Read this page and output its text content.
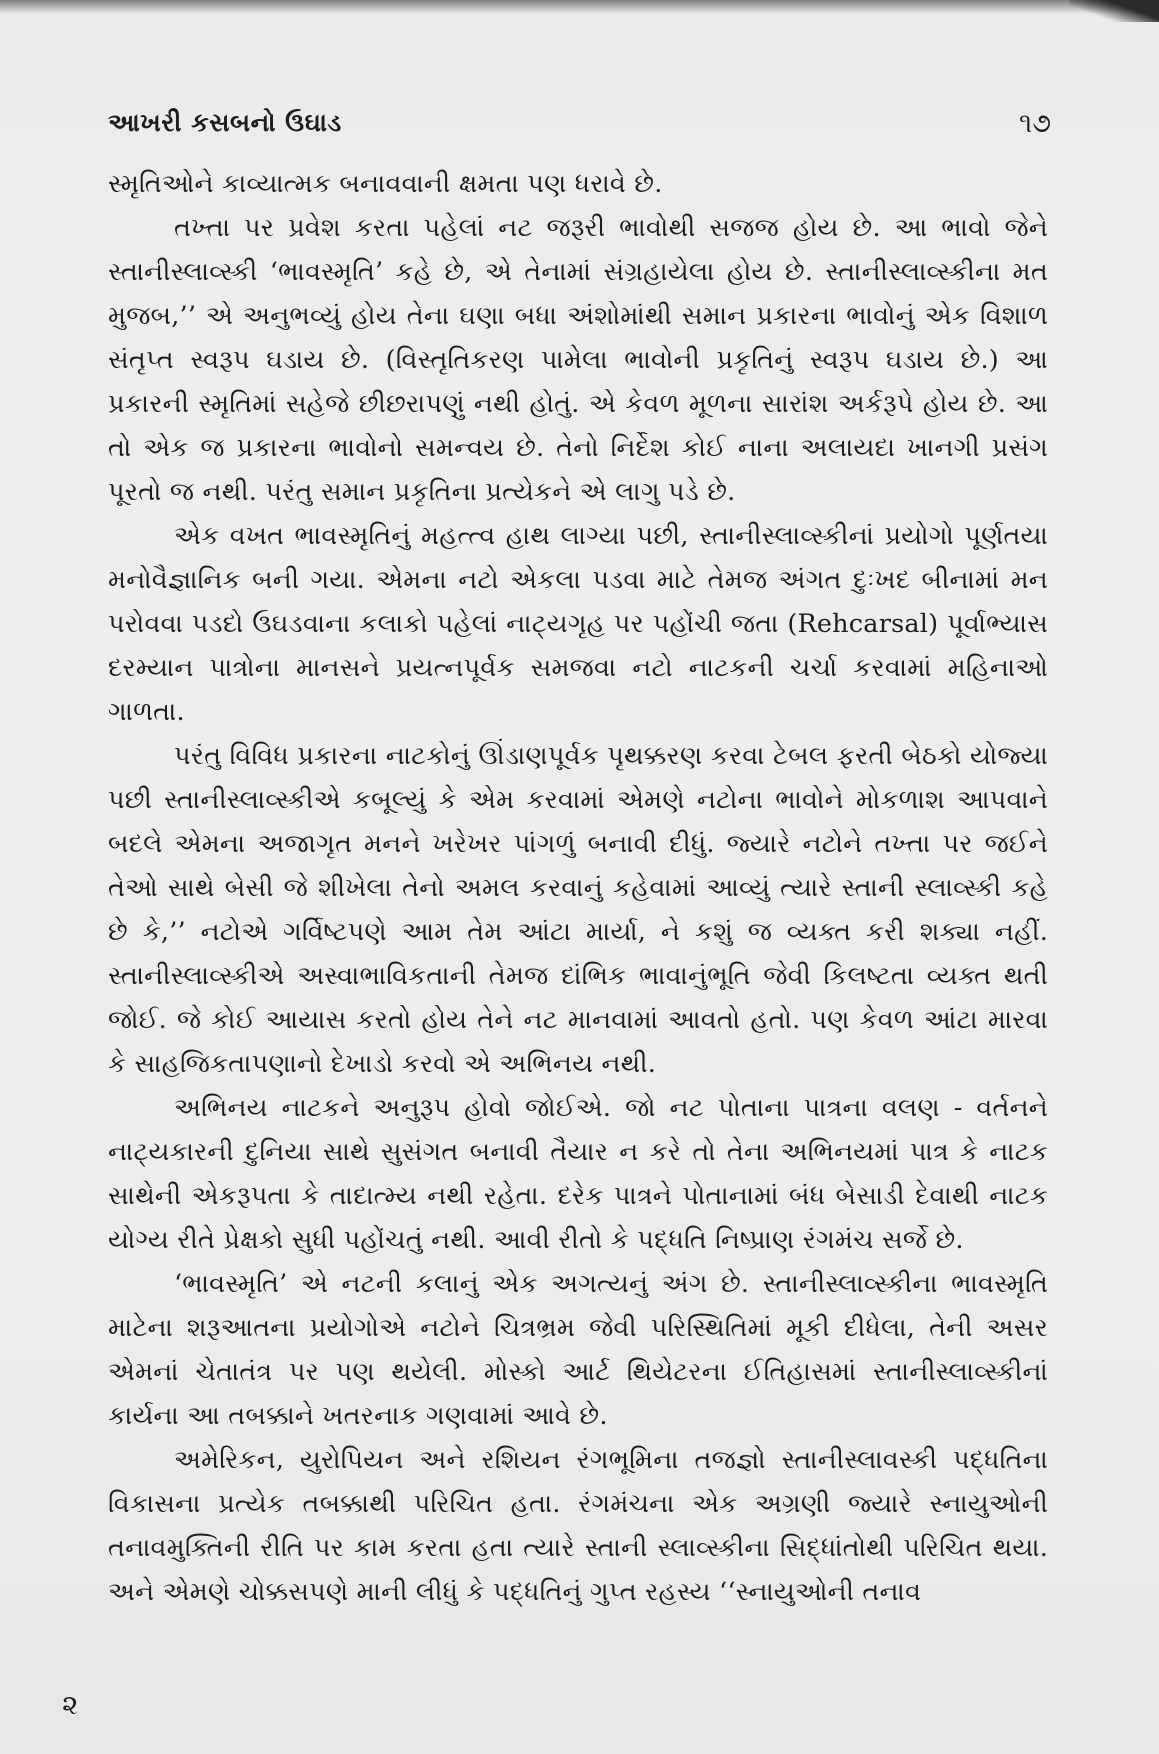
આખરી કસબનો ઉઘાડ	૧૭

સ્મૃતિઓને કાવ્યાત્મક બનાવવાની ક્ષમતા પણ ધરાવે છે.

તખ્તા પર પ્રવેશ કરતા પહેલાં નટ જરૂરી ભાવોથી સજજ હોય છે. આ ભાવો જેને સ્તાનીસ્લાવ્સ્કી ‘ભાવસ્મૃતિ’ કહે છે, એ તેનામાં સંગ્રહાયેલા હોય છે. સ્તાનીસ્લાવ્સ્કીના મત મુજબ,’’ એ અનુભવ્યું હોય તેના ઘણા બધા અંશોમાંથી સમાન પ્રકારના ભાવોનું એક વિશાળ સંતૃપ્ત સ્વરૂપ ઘડાય છે. (વિસ્તૃતિકરણ પામેલા ભાવોની પ્રકૃતિનું સ્વરૂપ ઘડાય છે.) આ પ્રકારની સ્મૃતિમાં સહેજે છીછરાપણું નથી હોતું. એ કેવળ મૂળના સારાંશ અર્કરૂપે હોય છે. આ તો એક જ પ્રકારના ભાવોનો સમન્વય છે. તેનો નિર્દેશ કોઈ નાના અલાયદા ખાનગી પ્રસંગ પૂરતો જ નથી. પરંતુ સમાન પ્રકૃતિના પ્રત્યેકને એ લાગુ પડે છે.

એક વખત ભાવસ્મૃતિનું મહત્ત્વ હાથ લાગ્યા પછી, સ્તાનીસ્લાવ્સ્કીનાં પ્રયોગો પૂર્ણતયા મનોવૈજ્ઞાનિક બની ગયા. એમના નટો એકલા પડવા માટે તેમજ અંગત દુઃખદ બીનામાં મન પરોવવા પડદો ઉઘડવાના કલાકો પહેલાં નાટ્યગૃહ પર પહોંચી જતા (Rehcarsal) પૂર્વાભ્યાસ દરમ્યાન પાત્રોના માનસને પ્રયત્નપૂર્વક સમજવા નટો નાટકની ચર્ચા કરવામાં મહિનાઓ ગાળતા.

પરંતુ વિવિધ પ્રકારના નાટકોનું ઊંડાણપૂર્વક પૃથક્કરણ કરવા ટેબલ ફરતી બેઠકો યોજ્યા પછી સ્તાનીસ્લાવ્સ્કીએ કબૂલ્યું કે એમ કરવામાં એમણે નટોના ભાવોને મોકળાશ આપવાને બદલે એમના અજાગૃત મનને ખરેખર પાંગળું બનાવી દીધું. જ્યારે નટોને તખ્તા પર જઈને તેઓ સાથે બેસી જે શીખેલા તેનો અમલ કરવાનું કહેવામાં આવ્યું ત્યારે સ્તાની સ્લાવ્સ્કી કહે છે કે,’’ નટોએ ગર્વિષ્ટપણે આમ તેમ આંટા માર્યા, ને કશું જ વ્યક્ત કરી શક્યા નહીં. સ્તાનીસ્લાવ્સ્કીએ અસ્વાભાવિકતાની તેમજ દાંભિક ભાવાનુંભૂતિ જેવી કિલષ્ટતા વ્યક્ત થતી જોઈ. જે કોઈ આયાસ કરતો હોય તેને નટ માનવામાં આવતો હતો. પણ કેવળ આંટા મારવા કે સાહજિકતાપણાનો દેખાડો કરવો એ અભિનય નથી.

અભિનય નાટકને અનુરૂપ હોવો જોઈએ. જો નટ પોતાના પાત્રના વલણ - વર્તનને નાટ્યકારની દુનિયા સાથે સુસંગત બનાવી તૈયાર ન કરે તો તેના અભિનયમાં પાત્ર કે નાટક સાથેની એકરૂપતા કે તાદાત્મ્ય નથી રહેતા. દરેક પાત્રને પોતાનામાં બંધ બેસાડી દેવાથી નાટક યોગ્ય રીતે પ્રેક્ષકો સુધી પહોંચતું નથી. આવી રીતો કે પદ્ધતિ નિષ્પ્રાણ રંગમંચ સર્જે છે.

‘ભાવસ્મૃતિ’ એ નટની કલાનું એક અગત્યનું અંગ છે. સ્તાનીસ્લાવ્સ્કીના ભાવસ્મૃતિ માટેના શરૂઆતના પ્રયોગોએ નટોને ચિત્રભ્રમ જેવી પરિસ્થિતિમાં મૂકી દીધેલા, તેની અસર એમનાં ચેતાતંત્ર પર પણ થયેલી. મોસ્કો આર્ટ થિયેટરના ઈતિહાસમાં સ્તાનીસ્લાવ્સ્કીનાં કાર્યના આ તબક્કાને ખતરનાક ગણવામાં આવે છે.

અમેરિકન, યુરોપિયન અને રશિયન રંગભૂમિના તજજ્ઞો સ્તાનીસ્લાવસ્કી પદ્ધતિના વિકાસના પ્રત્યેક તબક્કાથી પરિચિત હતા. રંગમંચના એક અગ્રણી જ્યારે સ્નાયુઓની તનાવમુક્તિની રીતિ પર કામ કરતા હતા ત્યારે સ્તાની સ્લાવ્સ્કીના સિદ્ધાંતોથી પરિચિત થયા. અને એમણે ચોક્કસપણે માની લીધું કે પદ્ધતિનું ગુપ્ત રહસ્ય ‘‘સ્નાયુઓની તનાવ

૨
